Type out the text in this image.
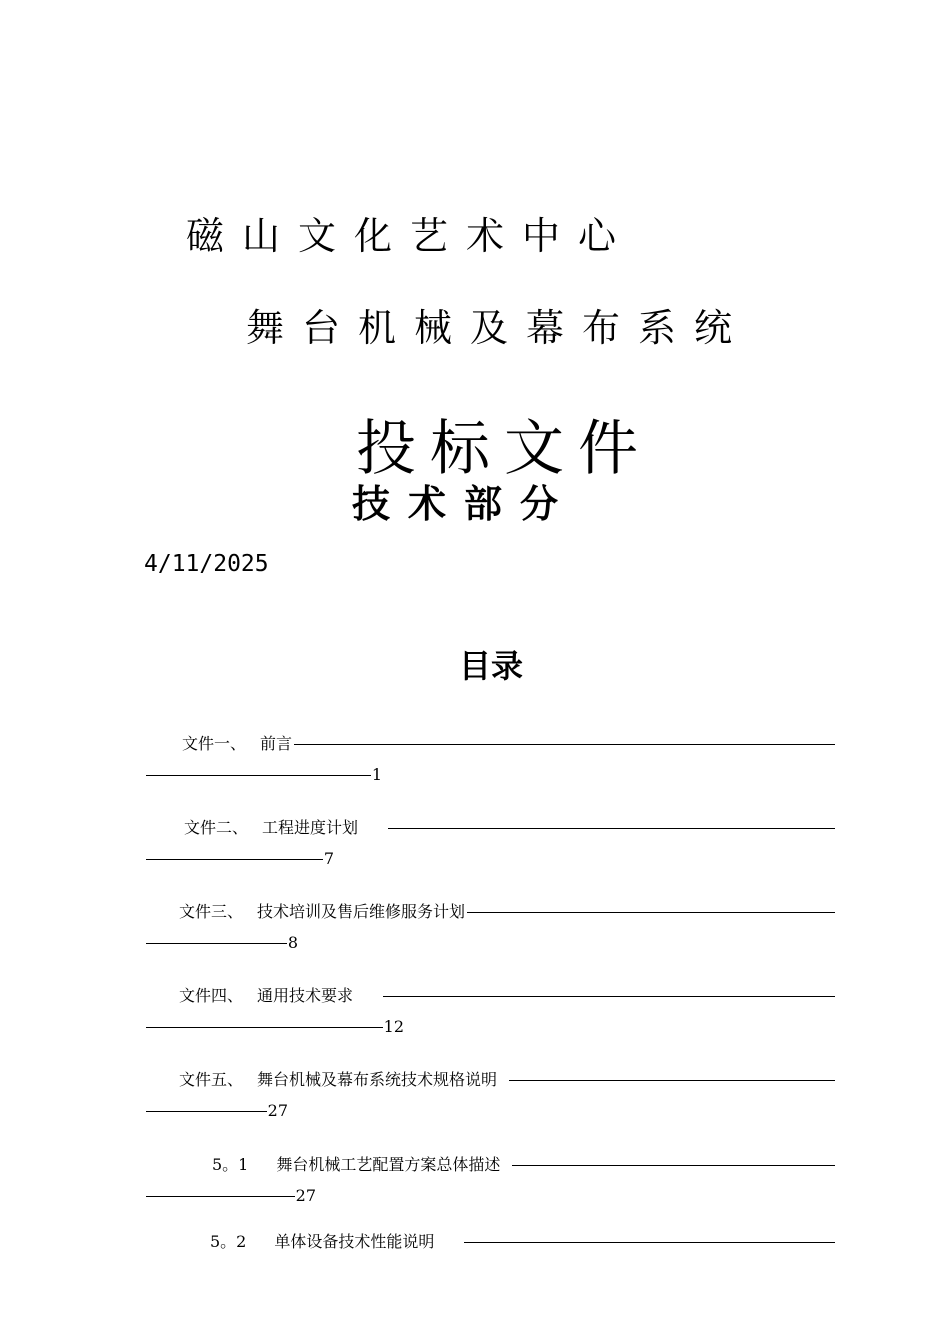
磁山文化艺术中心
舞台机械及幕布系统
投标文件
技术部分
4/11/2025
目录
文件一、 前言
1
文件二、 工程进度计划
7
文件三、 技术培训及售后维修服务计划
8
文件四、 通用技术要求
12
文件五、 舞台机械及幕布系统技术规格说明
27
5。1 舞台机械工艺配置方案总体描述
27
5。2 单体设备技术性能说明
